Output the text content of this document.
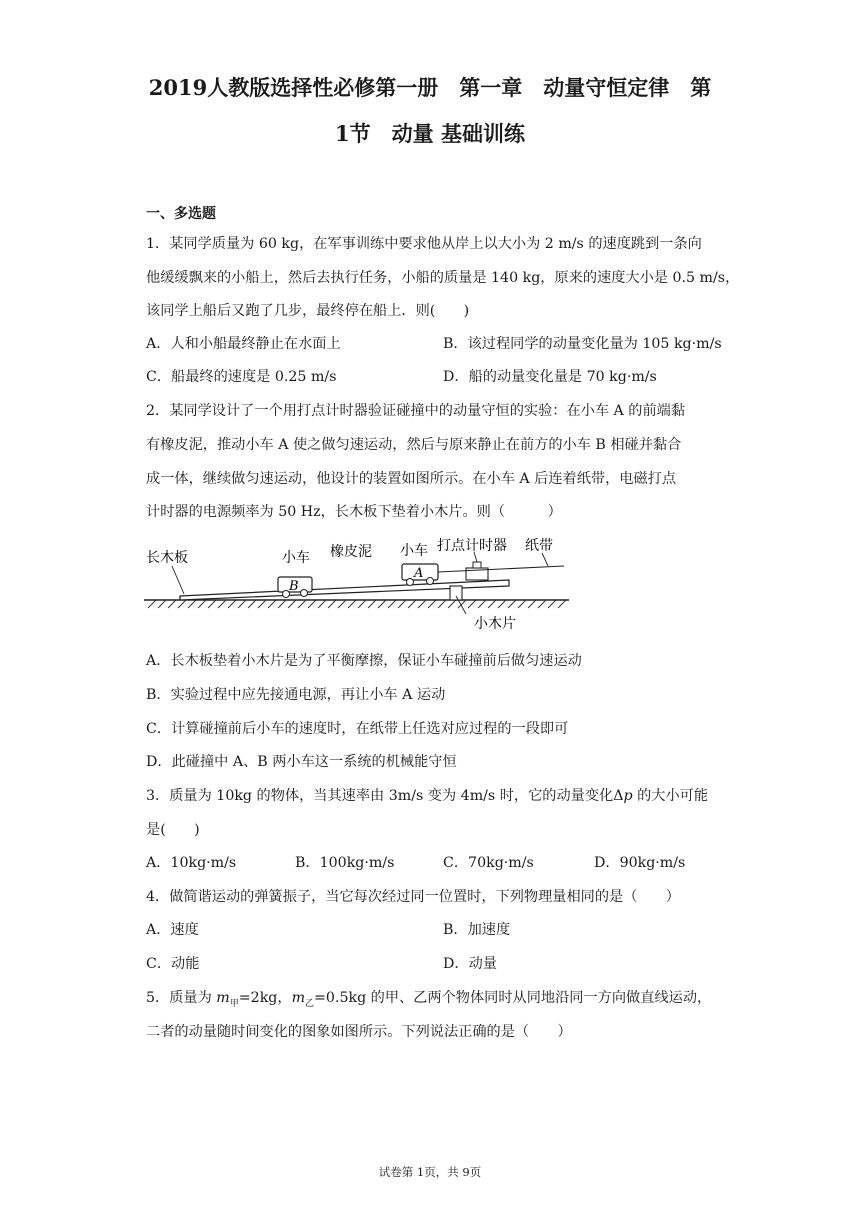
2019人教版选择性必修第一册　第一章　动量守恒定律　第
1节　动量 基础训练
一、多选题
1．某同学质量为 60 kg，在军事训练中要求他从岸上以大小为 2 m/s 的速度跳到一条向
他缓缓飘来的小船上，然后去执行任务，小船的质量是 140 kg，原来的速度大小是 0.5 m/s，
该同学上船后又跑了几步，最终停在船上．则(　　)
A．人和小船最终静止在水面上	B．该过程同学的动量变化量为 105 kg·m/s
C．船最终的速度是 0.25 m/s	D．船的动量变化量是 70 kg·m/s
2．某同学设计了一个用打点计时器验证碰撞中的动量守恒的实验：在小车 A 的前端黏
有橡皮泥，推动小车 A 使之做匀速运动，然后与原来静止在前方的小车 B 相碰并黏合
成一体，继续做匀速运动，他设计的装置如图所示。在小车 A 后连着纸带，电磁打点
计时器的电源频率为 50 Hz，长木板下垫着小木片。则（　　　）
B
A
长木板	小车 橡皮泥 小车 打点计时器 纸带
小木片
A．长木板垫着小木片是为了平衡摩擦，保证小车碰撞前后做匀速运动
B．实验过程中应先接通电源，再让小车 A 运动
C．计算碰撞前后小车的速度时，在纸带上任选对应过程的一段即可
D．此碰撞中 A、B 两小车这一系统的机械能守恒
3．质量为 10kg 的物体，当其速率由 3m/s 变为 4m/s 时，它的动量变化Δp 的大小可能
是(　　)
A．10kg·m/s	B．100kg·m/s	C．70kg·m/s	D．90kg·m/s
4．做简谐运动的弹簧振子，当它每次经过同一位置时，下列物理量相同的是（　　）
A．速度	B．加速度
C．动能	D．动量
5．质量为 $m_甲=2kg$，$m_乙=0.5kg$ 的甲、乙两个物体同时从同地沿同一方向做直线运动，
二者的动量随时间变化的图象如图所示。下列说法正确的是（　　）
试卷第 1页，共 9页
